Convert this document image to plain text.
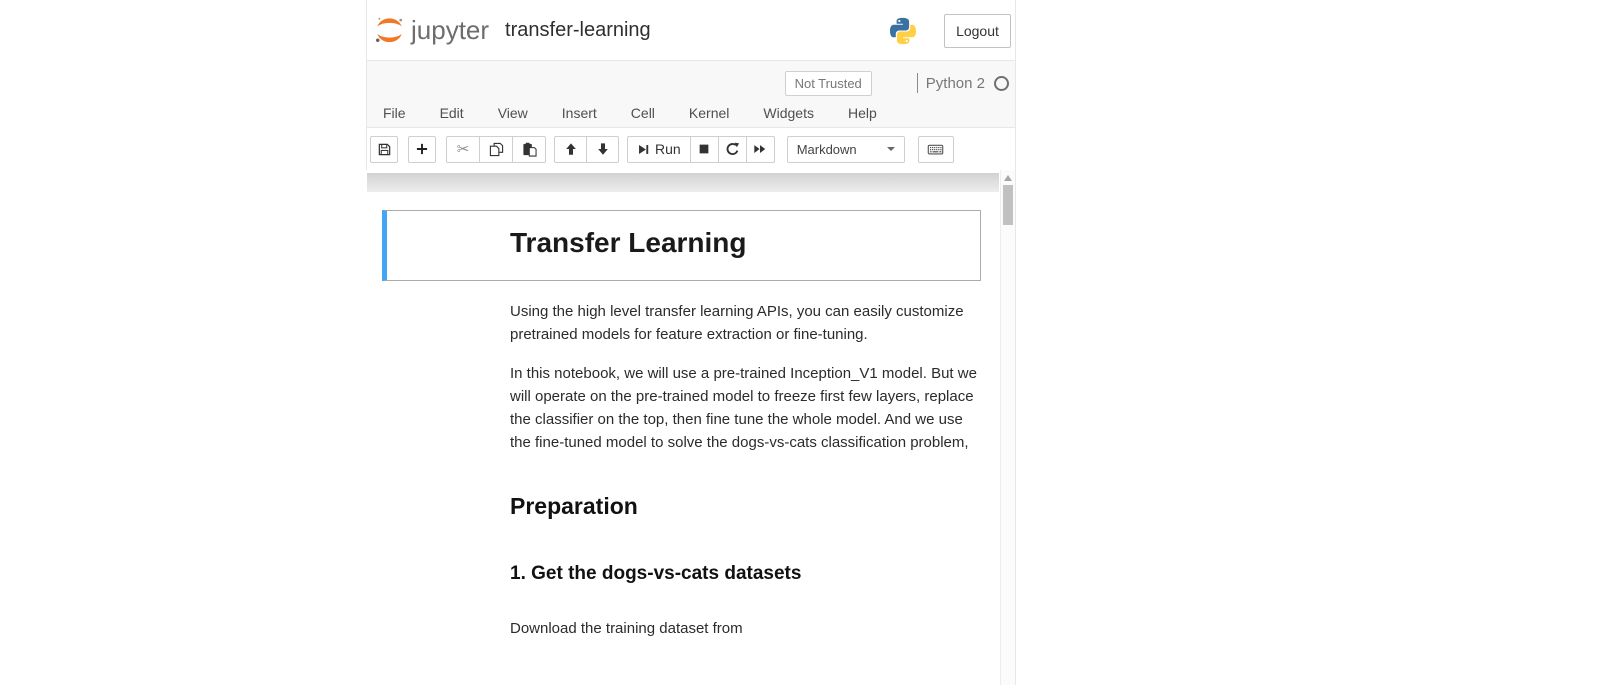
jupyter transfer-learning	Logout
Not Trusted	Python 2
File Edit View Insert Cell Kernel Widgets Help
✂	Run	Markdown
Transfer Learning

Using the high level transfer learning APIs, you can easily customize pretrained models for feature extraction or fine-tuning.

In this notebook, we will use a pre-trained Inception_V1 model. But we will operate on the pre-trained model to freeze first few layers, replace the classifier on the top, then fine tune the whole model. And we use the fine-tuned model to solve the dogs-vs-cats classification problem,

Preparation
1. Get the dogs-vs-cats datasets

Download the training dataset from
